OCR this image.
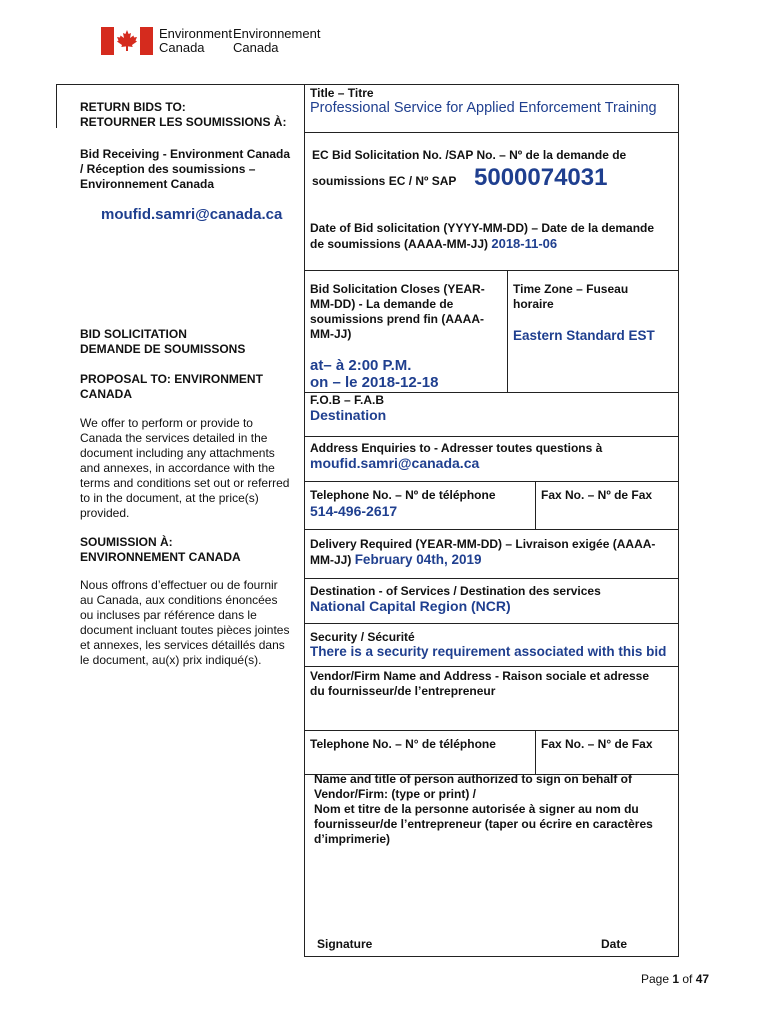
Environment
Canada
Environnement
Canada
RETURN BIDS TO:
RETOURNER LES SOUMISSIONS À:
Bid Receiving - Environment Canada
/ Réception des soumissions –
Environnement Canada
moufid.samri@canada.ca
BID SOLICITATION
DEMANDE DE SOUMISSONS
PROPOSAL TO: ENVIRONMENT
CANADA
We offer to perform or provide to
Canada the services detailed in the
document including any attachments
and annexes, in accordance with the
terms and conditions set out or referred
to in the document, at the price(s)
provided.
SOUMISSION À:
ENVIRONNEMENT CANADA
Nous offrons d’effectuer ou de fournir
au Canada, aux conditions énoncées
ou incluses par référence dans le
document incluant toutes pièces jointes
et annexes, les services détaillés dans
le document, au(x) prix indiqué(s).
Title – Titre
Professional Service for Applied Enforcement Training
EC Bid Solicitation No. /SAP No. – Nº de la demande de
soumissions EC / Nº SAP 5000074031
Date of Bid solicitation (YYYY-MM-DD) – Date de la demande
de soumissions (AAAA-MM-JJ) 2018-11-06
Bid Solicitation Closes (YEAR-
MM-DD) - La demande de
soumissions prend fin (AAAA-
MM-JJ)
at– à 2:00 P.M.
on – le 2018-12-18
Time Zone – Fuseau
horaire
Eastern Standard EST
F.O.B – F.A.B
Destination
Address Enquiries to - Adresser toutes questions à
moufid.samri@canada.ca
Telephone No. – Nº de téléphone
514-496-2617
Fax No. – Nº de Fax
Delivery Required (YEAR-MM-DD) – Livraison exigée (AAAA-
MM-JJ) February 04th, 2019
Destination - of Services / Destination des services
National Capital Region (NCR)
Security / Sécurité
There is a security requirement associated with this bid
Vendor/Firm Name and Address - Raison sociale et adresse
du fournisseur/de l’entrepreneur
Telephone No. – N° de téléphone	Fax No. – N° de Fax
Name and title of person authorized to sign on behalf of
Vendor/Firm: (type or print) /
Nom et titre de la personne autorisée à signer au nom du
fournisseur/de l’entrepreneur (taper ou écrire en caractères
d’imprimerie)
Signature	Date
Page 1 of 47
